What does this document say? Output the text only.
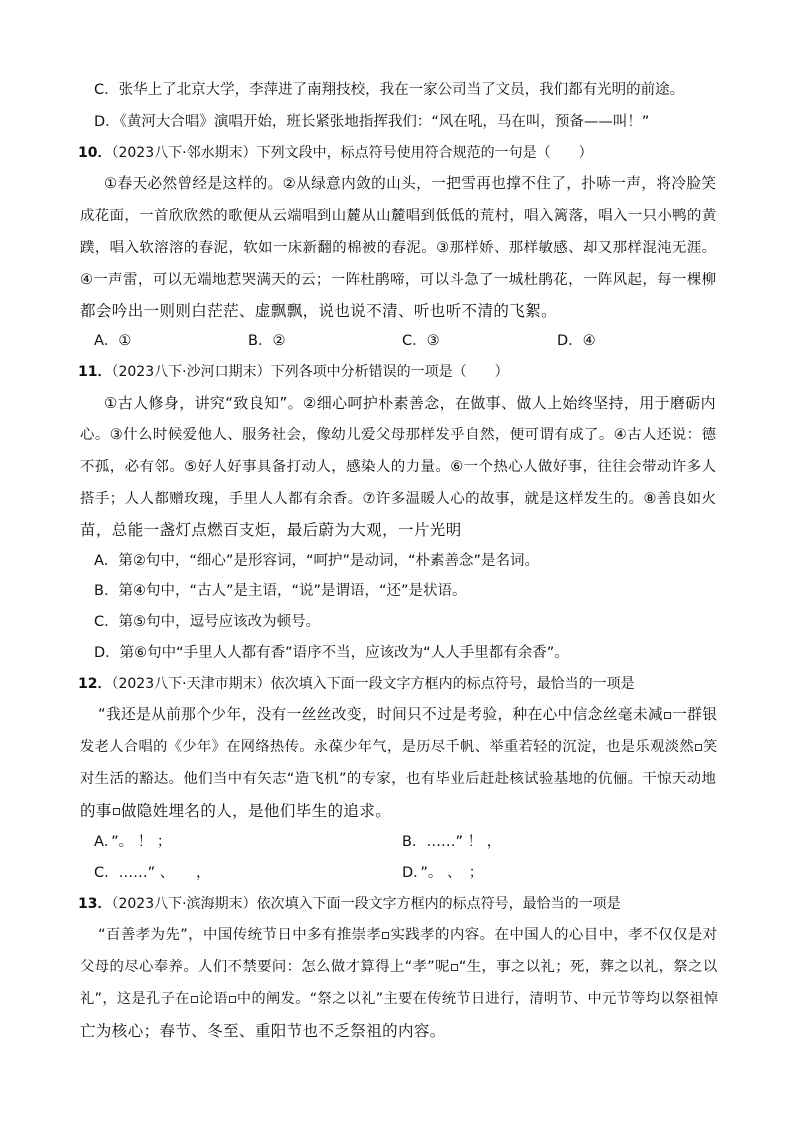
C．张华上了北京大学，李萍进了南翔技校，我在一家公司当了文员，我们都有光明的前途。
D．《黄河大合唱》演唱开始，班长紧张地指挥我们：“风在吼，马在叫，预备——叫！”
10．（2023八下·邻水期末）下列文段中，标点符号使用符合规范的一句是（　　）
①春天必然曾经是这样的。②从绿意内敛的山头，一把雪再也撑不住了，扑哧一声，将冷脸笑
成花面，一首欣欣然的歌便从云端唱到山麓从山麓唱到低低的荒村，唱入篱落，唱入一只小鸭的黄
蹼，唱入软溶溶的春泥，软如一床新翻的棉被的春泥。③那样娇、那样敏感、却又那样混沌无涯。
④一声雷，可以无端地惹哭满天的云；一阵杜鹃啼，可以斗急了一城杜鹃花，一阵风起，每一棵柳
都会吟出一则则白茫茫、虚飘飘，说也说不清、听也听不清的飞絮。
A．①	B．②	C．③	D．④
11．（2023八下·沙河口期末）下列各项中分析错误的一项是（　　）
①古人修身，讲究“致良知”。②细心呵护朴素善念，在做事、做人上始终坚持，用于磨砺内
心。③什么时候爱他人、服务社会，像幼儿爱父母那样发乎自然，便可谓有成了。④古人还说：德
不孤，必有邻。⑤好人好事具备打动人，感染人的力量。⑥一个热心人做好事，往往会带动许多人
搭手；人人都赠玫瑰，手里人人都有余香。⑦许多温暖人心的故事，就是这样发生的。⑧善良如火
苗，总能一盏灯点燃百支炬，最后蔚为大观，一片光明
A．第②句中，“细心”是形容词，“呵护”是动词，“朴素善念”是名词。
B．第④句中，“古人”是主语，“说”是谓语，“还”是状语。
C．第⑤句中，逗号应该改为顿号。
D．第⑥句中“手里人人都有香”语序不当，应该改为“人人手里都有余香”。
12．（2023八下·天津市期末）依次填入下面一段文字方框内的标点符号，最恰当的一项是
“我还是从前那个少年，没有一丝丝改变，时间只不过是考验，种在心中信念丝毫未减 一群银
发老人合唱的《少年》在网络热传。永葆少年气，是历尽千帆、举重若轻的沉淀，也是乐观淡然 笑
对生活的豁达。他们当中有矢志“造飞机”的专家，也有毕业后赶赴核试验基地的伉俪。干惊天动地
的事 做隐姓埋名的人，是他们毕生的追求。
A．”。 ！ ；	B．……” ！ ，
C．……” 、　　，	D．”。 、　；
13．（2023八下·滨海期末）依次填入下面一段文字方框内的标点符号，最恰当的一项是
“百善孝为先”，中国传统节日中多有推崇孝 实践孝的内容。在中国人的心目中，孝不仅仅是对
父母的尽心奉养。人们不禁要问：怎么做才算得上“孝”呢 “生，事之以礼；死，葬之以礼，祭之以
礼”，这是孔子在 论语 中的阐发。“祭之以礼”主要在传统节日进行，清明节、中元节等均以祭祖悼
亡为核心；春节、冬至、重阳节也不乏祭祖的内容。
